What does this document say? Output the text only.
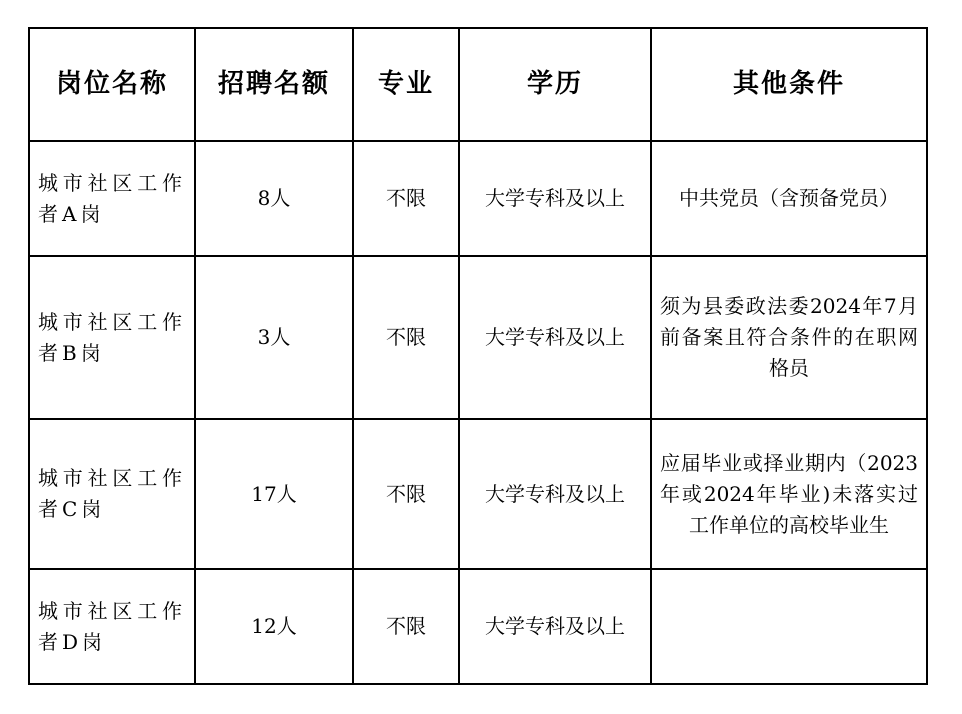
岗位名称	招聘名额	专业	学历	其他条件
城市社区工作者A岗	8人	不限	大学专科及以上	中共党员（含预备党员）
城市社区工作者B岗	3人	不限	大学专科及以上	须为县委政法委2024年7月前备案且符合条件的在职网格员
城市社区工作者C岗	17人	不限	大学专科及以上	应届毕业或择业期内（2023年或2024年毕业)未落实过工作单位的高校毕业生
城市社区工作者D岗	12人	不限	大学专科及以上	
